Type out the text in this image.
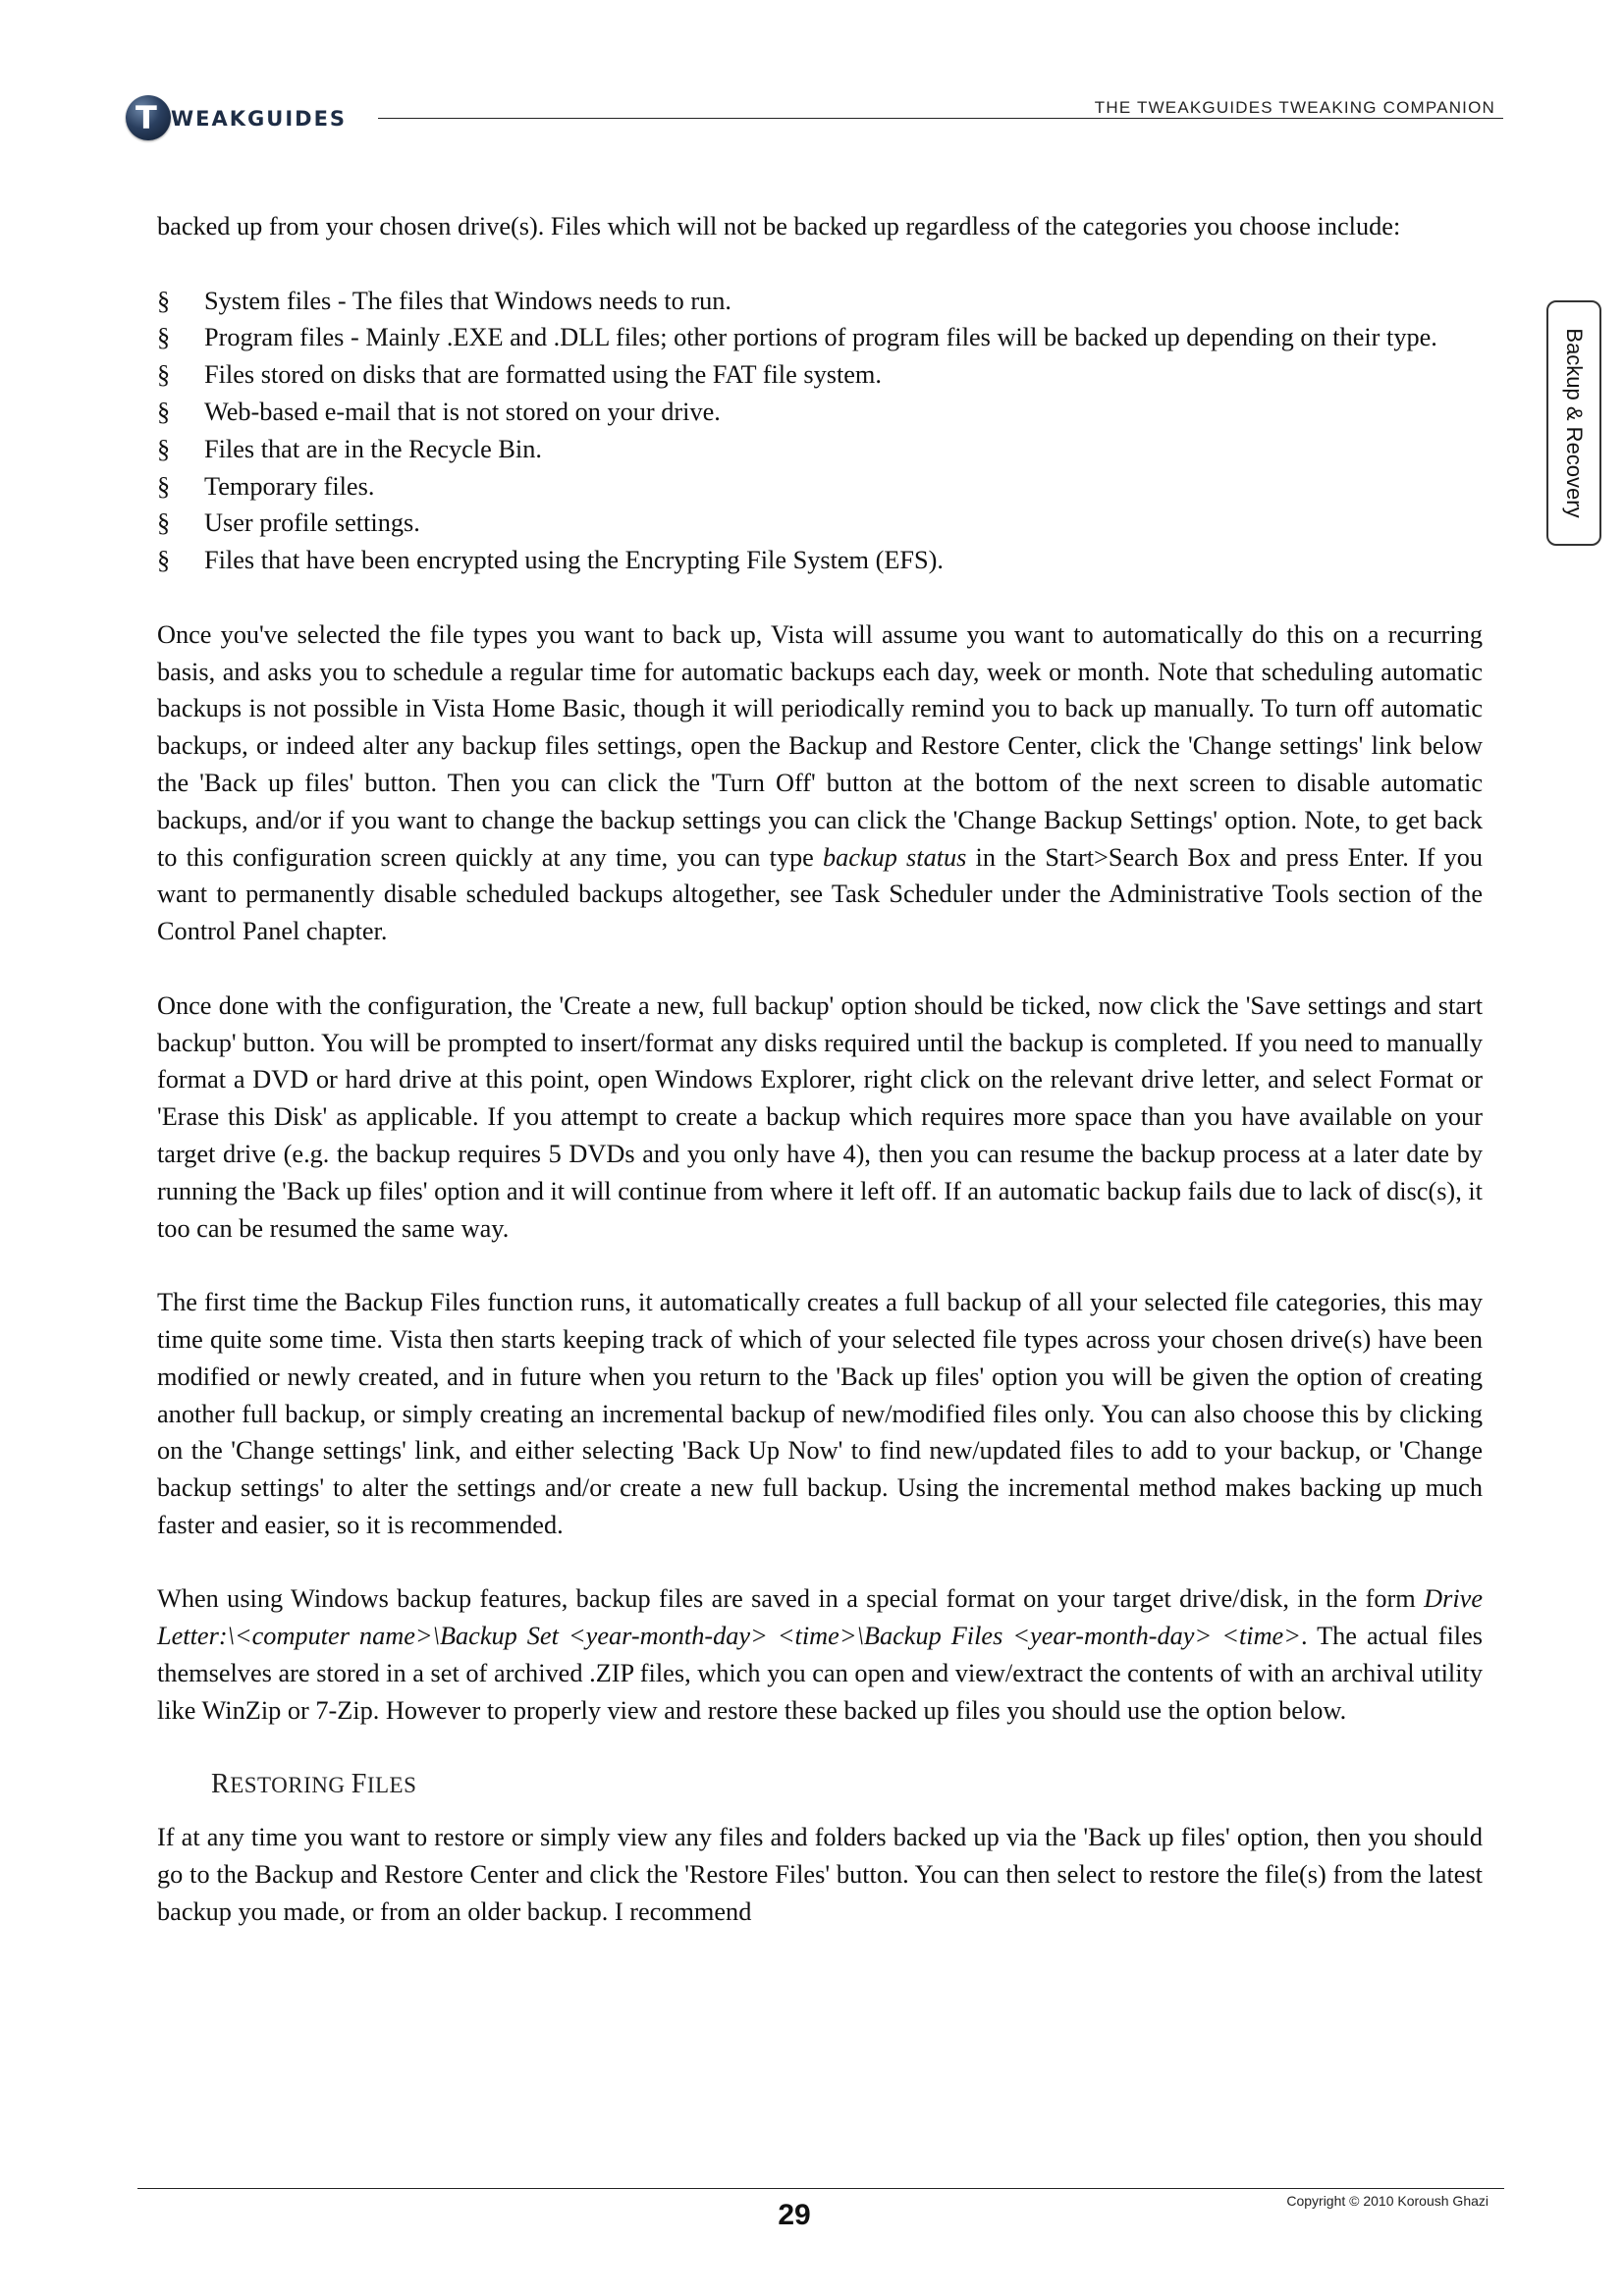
T WEAKGUIDES	THE TWEAKGUIDES TWEAKING COMPANION
Backup & Recovery

backed up from your chosen drive(s). Files which will not be backed up regardless of the categories you choose include:

§ System files - The files that Windows needs to run.
§ Program files - Mainly .EXE and .DLL files; other portions of program files will be backed up depending on their type.
§ Files stored on disks that are formatted using the FAT file system.
§ Web-based e-mail that is not stored on your drive.
§ Files that are in the Recycle Bin.
§ Temporary files.
§ User profile settings.
§ Files that have been encrypted using the Encrypting File System (EFS).

Once you've selected the file types you want to back up, Vista will assume you want to automatically do this on a recurring basis, and asks you to schedule a regular time for automatic backups each day, week or month. Note that scheduling automatic backups is not possible in Vista Home Basic, though it will periodically remind you to back up manually. To turn off automatic backups, or indeed alter any backup files settings, open the Backup and Restore Center, click the 'Change settings' link below the 'Back up files' button. Then you can click the 'Turn Off' button at the bottom of the next screen to disable automatic backups, and/or if you want to change the backup settings you can click the 'Change Backup Settings' option. Note, to get back to this configuration screen quickly at any time, you can type backup status in the Start>Search Box and press Enter. If you want to permanently disable scheduled backups altogether, see Task Scheduler under the Administrative Tools section of the Control Panel chapter.

Once done with the configuration, the 'Create a new, full backup' option should be ticked, now click the 'Save settings and start backup' button. You will be prompted to insert/format any disks required until the backup is completed. If you need to manually format a DVD or hard drive at this point, open Windows Explorer, right click on the relevant drive letter, and select Format or 'Erase this Disk' as applicable. If you attempt to create a backup which requires more space than you have available on your target drive (e.g. the backup requires 5 DVDs and you only have 4), then you can resume the backup process at a later date by running the 'Back up files' option and it will continue from where it left off. If an automatic backup fails due to lack of disc(s), it too can be resumed the same way.

The first time the Backup Files function runs, it automatically creates a full backup of all your selected file categories, this may time quite some time. Vista then starts keeping track of which of your selected file types across your chosen drive(s) have been modified or newly created, and in future when you return to the 'Back up files' option you will be given the option of creating another full backup, or simply creating an incremental backup of new/modified files only. You can also choose this by clicking on the 'Change settings' link, and either selecting 'Back Up Now' to find new/updated files to add to your backup, or 'Change backup settings' to alter the settings and/or create a new full backup. Using the incremental method makes backing up much faster and easier, so it is recommended.

When using Windows backup features, backup files are saved in a special format on your target drive/disk, in the form Drive Letter:\<computer name>\Backup Set <year-month-day> <time>\Backup Files <year-month-day> <time>. The actual files themselves are stored in a set of archived .ZIP files, which you can open and view/extract the contents of with an archival utility like WinZip or 7-Zip. However to properly view and restore these backed up files you should use the option below.

RESTORING FILES

If at any time you want to restore or simply view any files and folders backed up via the 'Back up files' option, then you should go to the Backup and Restore Center and click the 'Restore Files' button. You can then select to restore the file(s) from the latest backup you made, or from an older backup. I recommend

Copyright © 2010 Koroush Ghazi
29
